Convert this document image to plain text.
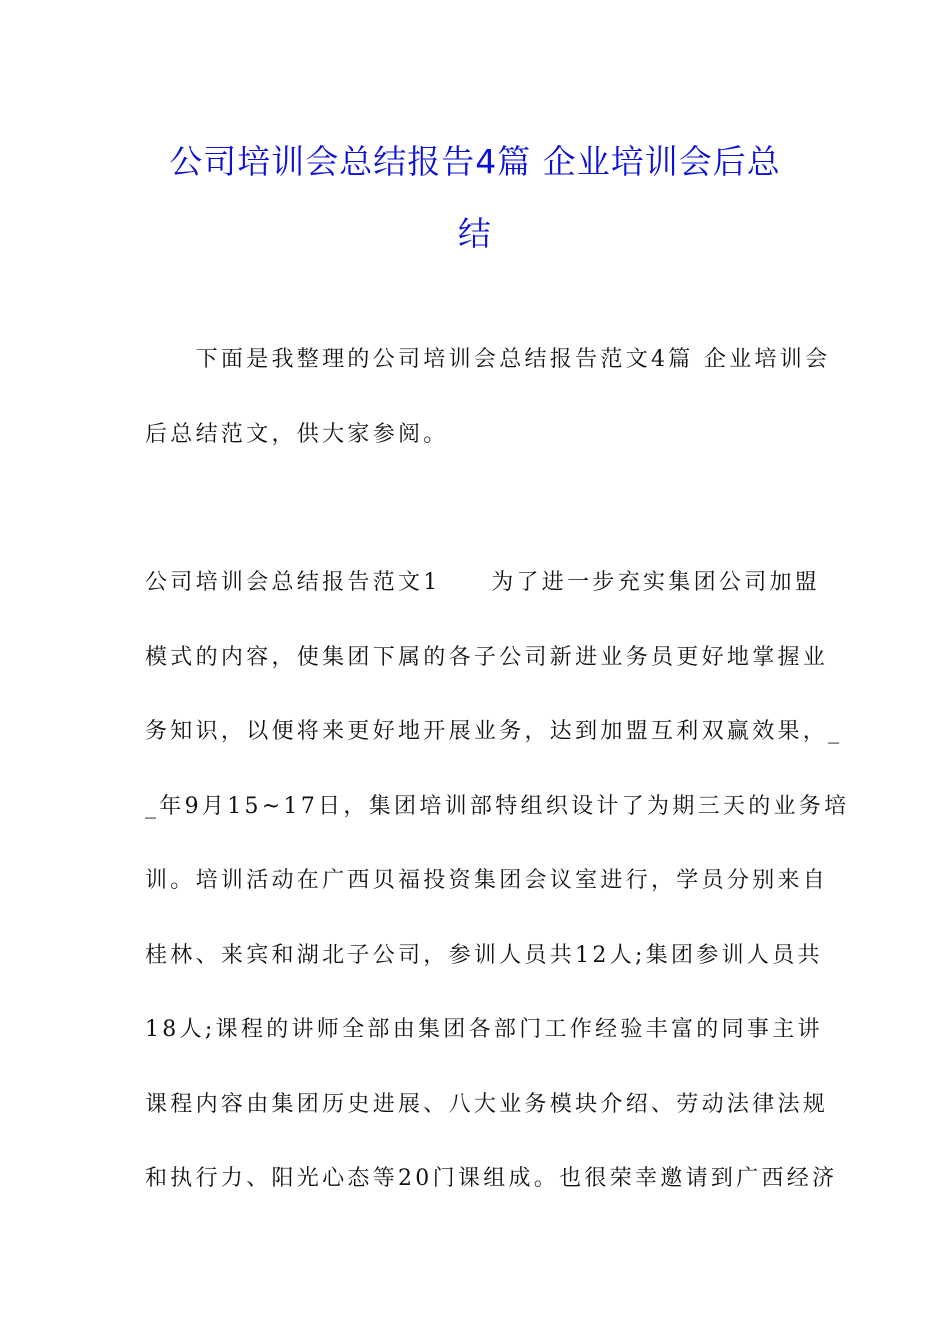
公司培训会总结报告4篇 企业培训会后总
结

　　下面是我整理的公司培训会总结报告范文4篇 企业培训会

后总结范文，供大家参阅。

公司培训会总结报告范文1　　为了进一步充实集团公司加盟

模式的内容，使集团下属的各子公司新进业务员更好地掌握业

务知识，以便将来更好地开展业务，达到加盟互利双赢效果，_

_年9月15~17日，集团培训部特组织设计了为期三天的业务培

训。培训活动在广西贝福投资集团会议室进行，学员分别来自

桂林、来宾和湖北子公司，参训人员共12人;集团参训人员共

18人;课程的讲师全部由集团各部门工作经验丰富的同事主讲

课程内容由集团历史进展、八大业务模块介绍、劳动法律法规

和执行力、阳光心态等20门课组成。也很荣幸邀请到广西经济
